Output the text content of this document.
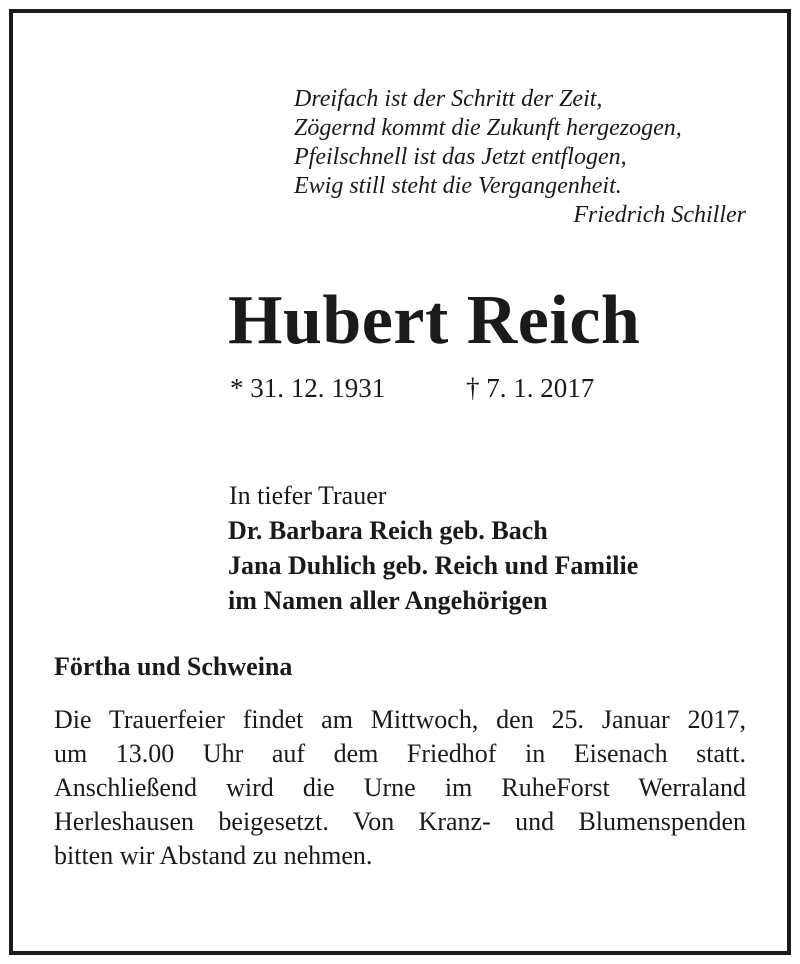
Dreifach ist der Schritt der Zeit,
Zögernd kommt die Zukunft hergezogen,
Pfeilschnell ist das Jetzt entflogen,
Ewig still steht die Vergangenheit.
Friedrich Schiller
Hubert Reich
* 31. 12. 1931	† 7. 1. 2017
In tiefer Trauer
Dr. Barbara Reich geb. Bach
Jana Duhlich geb. Reich und Familie
im Namen aller Angehörigen
Förtha und Schweina
Die Trauerfeier findet am Mittwoch, den 25. Januar 2017,
um 13.00 Uhr auf dem Friedhof in Eisenach statt.
Anschließend wird die Urne im RuheForst Werraland
Herleshausen beigesetzt. Von Kranz- und Blumenspenden
bitten wir Abstand zu nehmen.
